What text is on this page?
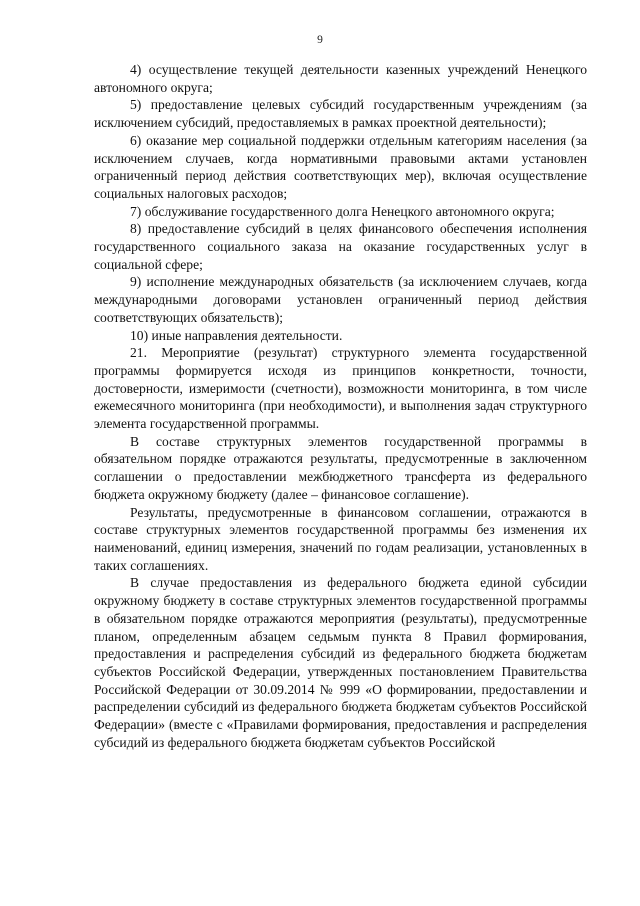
9

4) осуществление текущей деятельности казенных учреждений Ненецкого автономного округа;

5) предоставление целевых субсидий государственным учреждениям (за исключением субсидий, предоставляемых в рамках проектной деятельности);

6) оказание мер социальной поддержки отдельным категориям населения (за исключением случаев, когда нормативными правовыми актами установлен ограниченный период действия соответствующих мер), включая осуществление социальных налоговых расходов;

7) обслуживание государственного долга Ненецкого автономного округа;

8) предоставление субсидий в целях финансового обеспечения исполнения государственного социального заказа на оказание государственных услуг в социальной сфере;

9) исполнение международных обязательств (за исключением случаев, когда международными договорами установлен ограниченный период действия соответствующих обязательств);

10) иные направления деятельности.

21. Мероприятие (результат) структурного элемента государственной программы формируется исходя из принципов конкретности, точности, достоверности, измеримости (счетности), возможности мониторинга, в том числе ежемесячного мониторинга (при необходимости), и выполнения задач структурного элемента государственной программы.

В составе структурных элементов государственной программы в обязательном порядке отражаются результаты, предусмотренные в заключенном соглашении о предоставлении межбюджетного трансферта из федерального бюджета окружному бюджету (далее – финансовое соглашение).

Результаты, предусмотренные в финансовом соглашении, отражаются в составе структурных элементов государственной программы без изменения их наименований, единиц измерения, значений по годам реализации, установленных в таких соглашениях.

В случае предоставления из федерального бюджета единой субсидии окружному бюджету в составе структурных элементов государственной программы в обязательном порядке отражаются мероприятия (результаты), предусмотренные планом, определенным абзацем седьмым пункта 8 Правил формирования, предоставления и распределения субсидий из федерального бюджета бюджетам субъектов Российской Федерации, утвержденных постановлением Правительства Российской Федерации от 30.09.2014 № 999 «О формировании, предоставлении и распределении субсидий из федерального бюджета бюджетам субъектов Российской Федерации» (вместе с «Правилами формирования, предоставления и распределения субсидий из федерального бюджета бюджетам субъектов Российской
